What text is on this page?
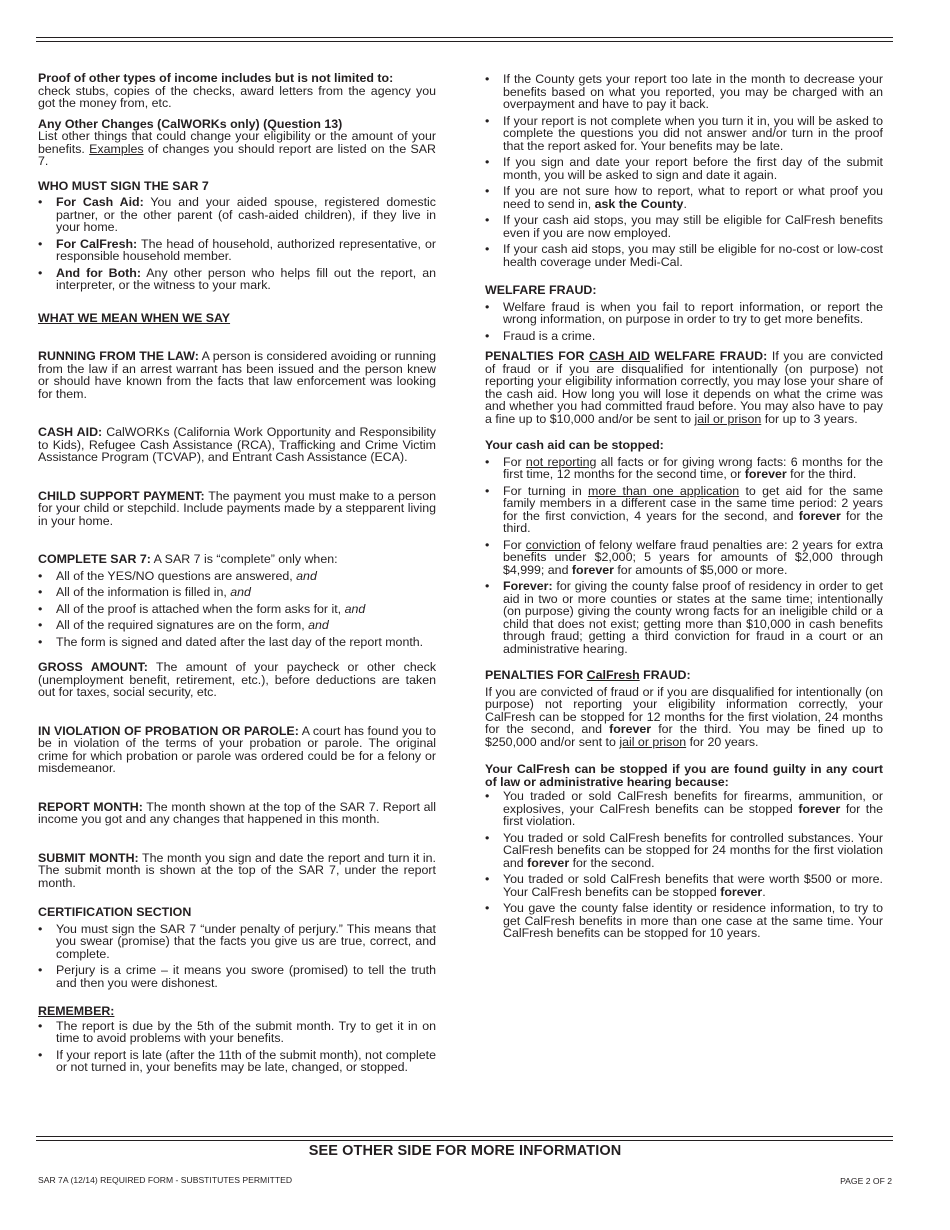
Proof of other types of income includes but is not limited to:
check stubs, copies of the checks, award letters from the agency you got the money from, etc.

Any Other Changes (CalWORKs only) (Question 13)
List other things that could change your eligibility or the amount of your benefits. Examples of changes you should report are listed on the SAR 7.

WHO MUST SIGN THE SAR 7

• For Cash Aid: You and your aided spouse, registered domestic partner, or the other parent (of cash-aided children), if they live in your home.
• For CalFresh: The head of household, authorized representative, or responsible household member.
• And for Both: Any other person who helps fill out the report, an interpreter, or the witness to your mark.

WHAT WE MEAN WHEN WE SAY

RUNNING FROM THE LAW: A person is considered avoiding or running from the law if an arrest warrant has been issued and the person knew or should have known from the facts that law enforcement was looking for them.

CASH AID: CalWORKs (California Work Opportunity and Responsibility to Kids), Refugee Cash Assistance (RCA), Trafficking and Crime Victim Assistance Program (TCVAP), and Entrant Cash Assistance (ECA).

CHILD SUPPORT PAYMENT: The payment you must make to a person for your child or stepchild. Include payments made by a stepparent living in your home.

COMPLETE SAR 7: A SAR 7 is “complete” only when:

• All of the YES/NO questions are answered, and
• All of the information is filled in, and
• All of the proof is attached when the form asks for it, and
• All of the required signatures are on the form, and
• The form is signed and dated after the last day of the report month.

GROSS AMOUNT: The amount of your paycheck or other check (unemployment benefit, retirement, etc.), before deductions are taken out for taxes, social security, etc.

IN VIOLATION OF PROBATION OR PAROLE: A court has found you to be in violation of the terms of your probation or parole. The original crime for which probation or parole was ordered could be for a felony or misdemeanor.

REPORT MONTH: The month shown at the top of the SAR 7. Report all income you got and any changes that happened in this month.

SUBMIT MONTH: The month you sign and date the report and turn it in. The submit month is shown at the top of the SAR 7, under the report month.

CERTIFICATION SECTION

• You must sign the SAR 7 “under penalty of perjury.” This means that you swear (promise) that the facts you give us are true, correct, and complete.
• Perjury is a crime – it means you swore (promised) to tell the truth and then you were dishonest.

REMEMBER:

• The report is due by the 5th of the submit month. Try to get it in on time to avoid problems with your benefits.
• If your report is late (after the 11th of the submit month), not complete or not turned in, your benefits may be late, changed, or stopped.
• If the County gets your report too late in the month to decrease your benefits based on what you reported, you may be charged with an overpayment and have to pay it back.
• If your report is not complete when you turn it in, you will be asked to complete the questions you did not answer and/or turn in the proof that the report asked for. Your benefits may be late.
• If you sign and date your report before the first day of the submit month, you will be asked to sign and date it again.
• If you are not sure how to report, what to report or what proof you need to send in, ask the County.
• If your cash aid stops, you may still be eligible for CalFresh benefits even if you are now employed.
• If your cash aid stops, you may still be eligible for no-cost or low-cost health coverage under Medi-Cal.

WELFARE FRAUD:

• Welfare fraud is when you fail to report information, or report the wrong information, on purpose in order to try to get more benefits.
• Fraud is a crime.

PENALTIES FOR CASH AID WELFARE FRAUD: If you are convicted of fraud or if you are disqualified for intentionally (on purpose) not reporting your eligibility information correctly, you may lose your share of the cash aid. How long you will lose it depends on what the crime was and whether you had committed fraud before. You may also have to pay a fine up to $10,000 and/or be sent to jail or prison for up to 3 years.

Your cash aid can be stopped:

• For not reporting all facts or for giving wrong facts: 6 months for the first time, 12 months for the second time, or forever for the third.
• For turning in more than one application to get aid for the same family members in a different case in the same time period: 2 years for the first conviction, 4 years for the second, and forever for the third.
• For conviction of felony welfare fraud penalties are: 2 years for extra benefits under $2,000; 5 years for amounts of $2,000 through $4,999; and forever for amounts of $5,000 or more.
• Forever: for giving the county false proof of residency in order to get aid in two or more counties or states at the same time; intentionally (on purpose) giving the county wrong facts for an ineligible child or a child that does not exist; getting more than $10,000 in cash benefits through fraud; getting a third conviction for fraud in a court or an administrative hearing.

PENALTIES FOR CalFresh FRAUD:

If you are convicted of fraud or if you are disqualified for intentionally (on purpose) not reporting your eligibility information correctly, your CalFresh can be stopped for 12 months for the first violation, 24 months for the second, and forever for the third. You may be fined up to $250,000 and/or sent to jail or prison for 20 years.

Your CalFresh can be stopped if you are found guilty in any court of law or administrative hearing because:

• You traded or sold CalFresh benefits for firearms, ammunition, or explosives, your CalFresh benefits can be stopped forever for the first violation.
• You traded or sold CalFresh benefits for controlled substances. Your CalFresh benefits can be stopped for 24 months for the first violation and forever for the second.
• You traded or sold CalFresh benefits that were worth $500 or more. Your CalFresh benefits can be stopped forever.
• You gave the county false identity or residence information, to try to get CalFresh benefits in more than one case at the same time. Your CalFresh benefits can be stopped for 10 years.
SEE OTHER SIDE FOR MORE INFORMATION
SAR 7A (12/14) REQUIRED FORM - SUBSTITUTES PERMITTED	PAGE 2 OF 2
